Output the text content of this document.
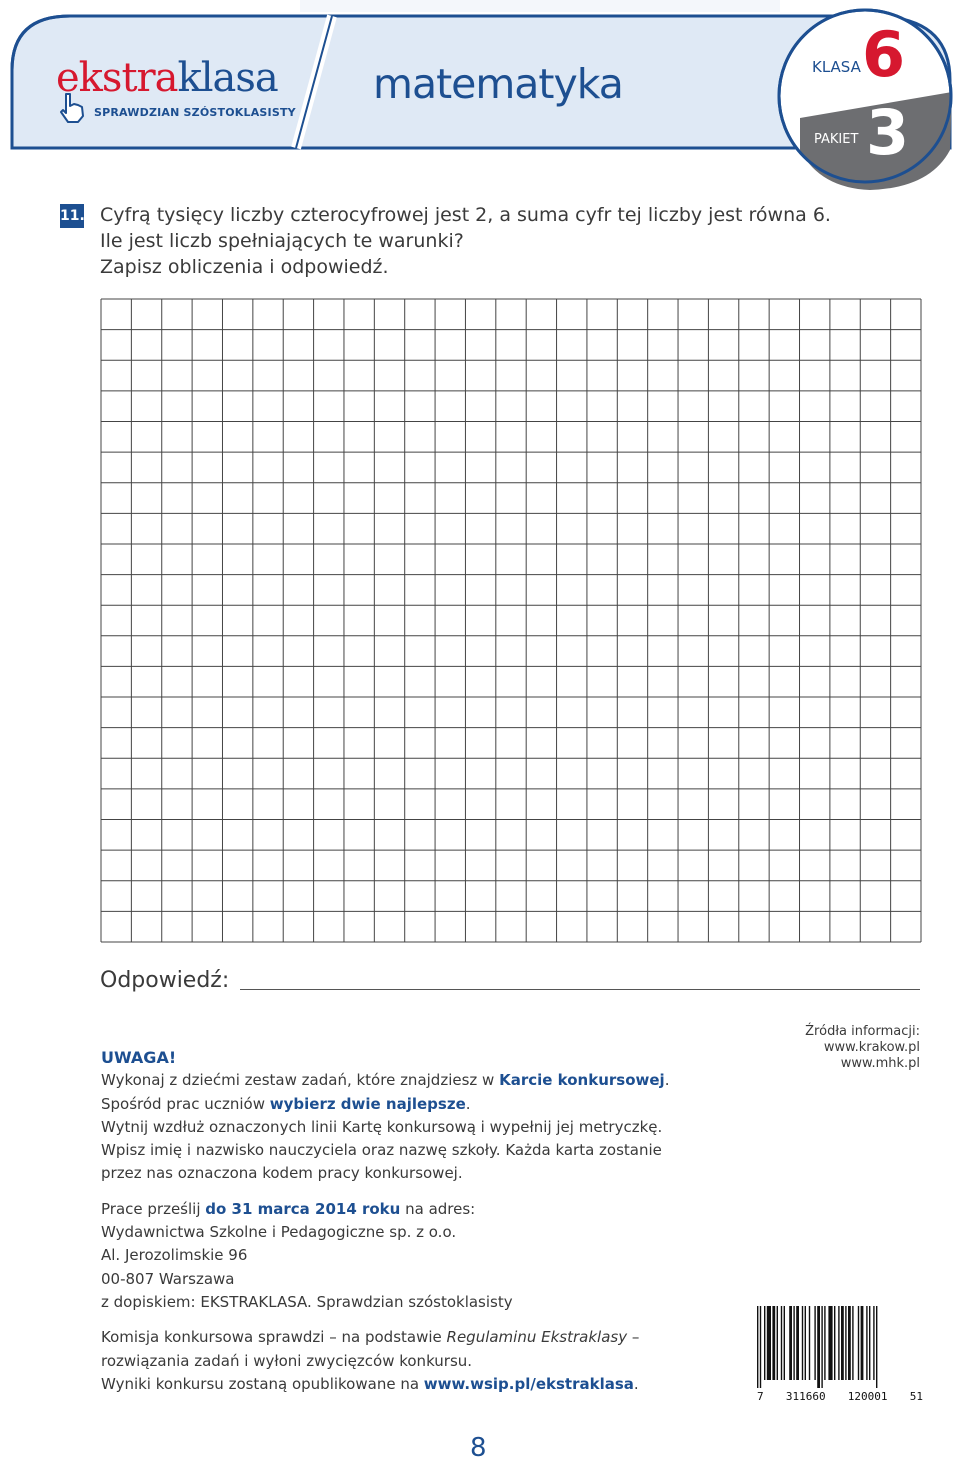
ekstraklasa
SPRAWDZIAN SZÓSTOKLASISTY
matematyka	KLASA 6
PAKIET 3
11. Cyfrą tysięcy liczby czterocyfrowej jest 2, a suma cyfr tej liczby jest równa 6.
Ile jest liczb spełniających te warunki?
Zapisz obliczenia i odpowiedź.
Odpowiedź:
UWAGA!
Wykonaj z dziećmi zestaw zadań, które znajdziesz w Karcie konkursowej.
Spośród prac uczniów wybierz dwie najlepsze.
Wytnij wzdłuż oznaczonych linii Kartę konkursową i wypełnij jej metryczkę.
Wpisz imię i nazwisko nauczyciela oraz nazwę szkoły. Każda karta zostanie
przez nas oznaczona kodem pracy konkursowej.
Prace prześlij do 31 marca 2014 roku na adres:
Wydawnictwa Szkolne i Pedagogiczne sp. z o.o.
Al. Jerozolimskie 96
00-807 Warszawa
z dopiskiem: EKSTRAKLASA. Sprawdzian szóstoklasisty
Komisja konkursowa sprawdzi – na podstawie Regulaminu Ekstraklasy –
rozwiązania zadań i wyłoni zwycięzców konkursu.
Wyniki konkursu zostaną opublikowane na www.wsip.pl/ekstraklasa.
Źródła informacji:
www.krakow.pl
www.mhk.pl
7 311660 120001 51
8
